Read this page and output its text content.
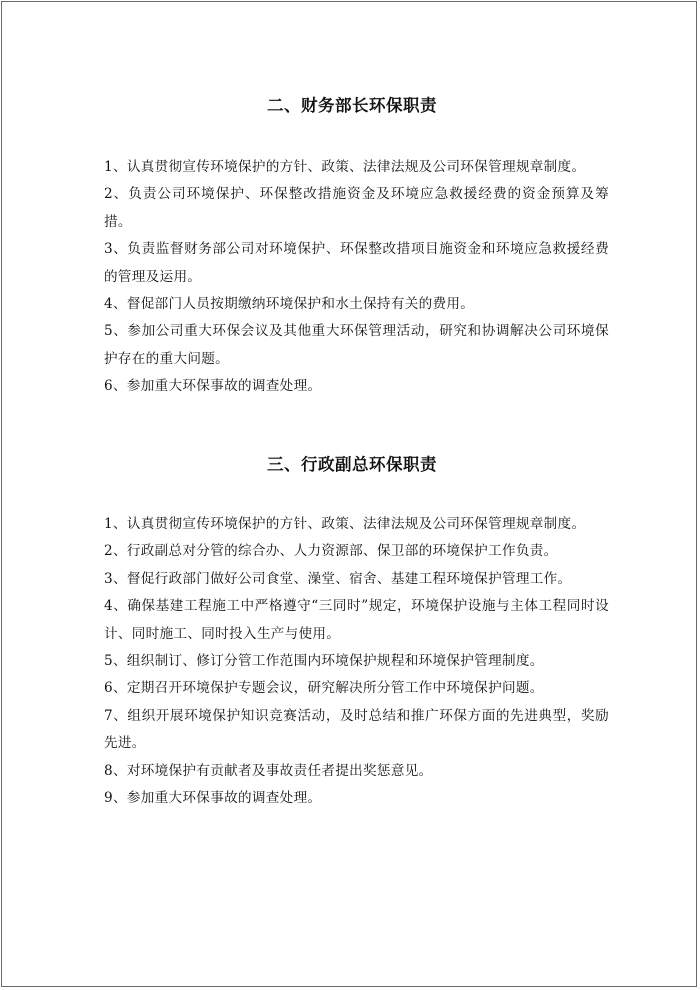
二、财务部长环保职责
1、认真贯彻宣传环境保护的方针、政策、法律法规及公司环保管理规章制度。
2、负责公司环境保护、环保整改措施资金及环境应急救援经费的资金预算及筹措。
3、负责监督财务部公司对环境保护、环保整改措项目施资金和环境应急救援经费的管理及运用。
4、督促部门人员按期缴纳环境保护和水土保持有关的费用。
5、参加公司重大环保会议及其他重大环保管理活动，研究和协调解决公司环境保护存在的重大问题。
6、参加重大环保事故的调查处理。
三、行政副总环保职责
1、认真贯彻宣传环境保护的方针、政策、法律法规及公司环保管理规章制度。
2、行政副总对分管的综合办、人力资源部、保卫部的环境保护工作负责。
3、督促行政部门做好公司食堂、澡堂、宿舍、基建工程环境保护管理工作。
4、确保基建工程施工中严格遵守“三同时”规定，环境保护设施与主体工程同时设计、同时施工、同时投入生产与使用。
5、组织制订、修订分管工作范围内环境保护规程和环境保护管理制度。
6、定期召开环境保护专题会议，研究解决所分管工作中环境保护问题。
7、组织开展环境保护知识竞赛活动，及时总结和推广环保方面的先进典型，奖励先进。
8、对环境保护有贡献者及事故责任者提出奖惩意见。
9、参加重大环保事故的调查处理。
